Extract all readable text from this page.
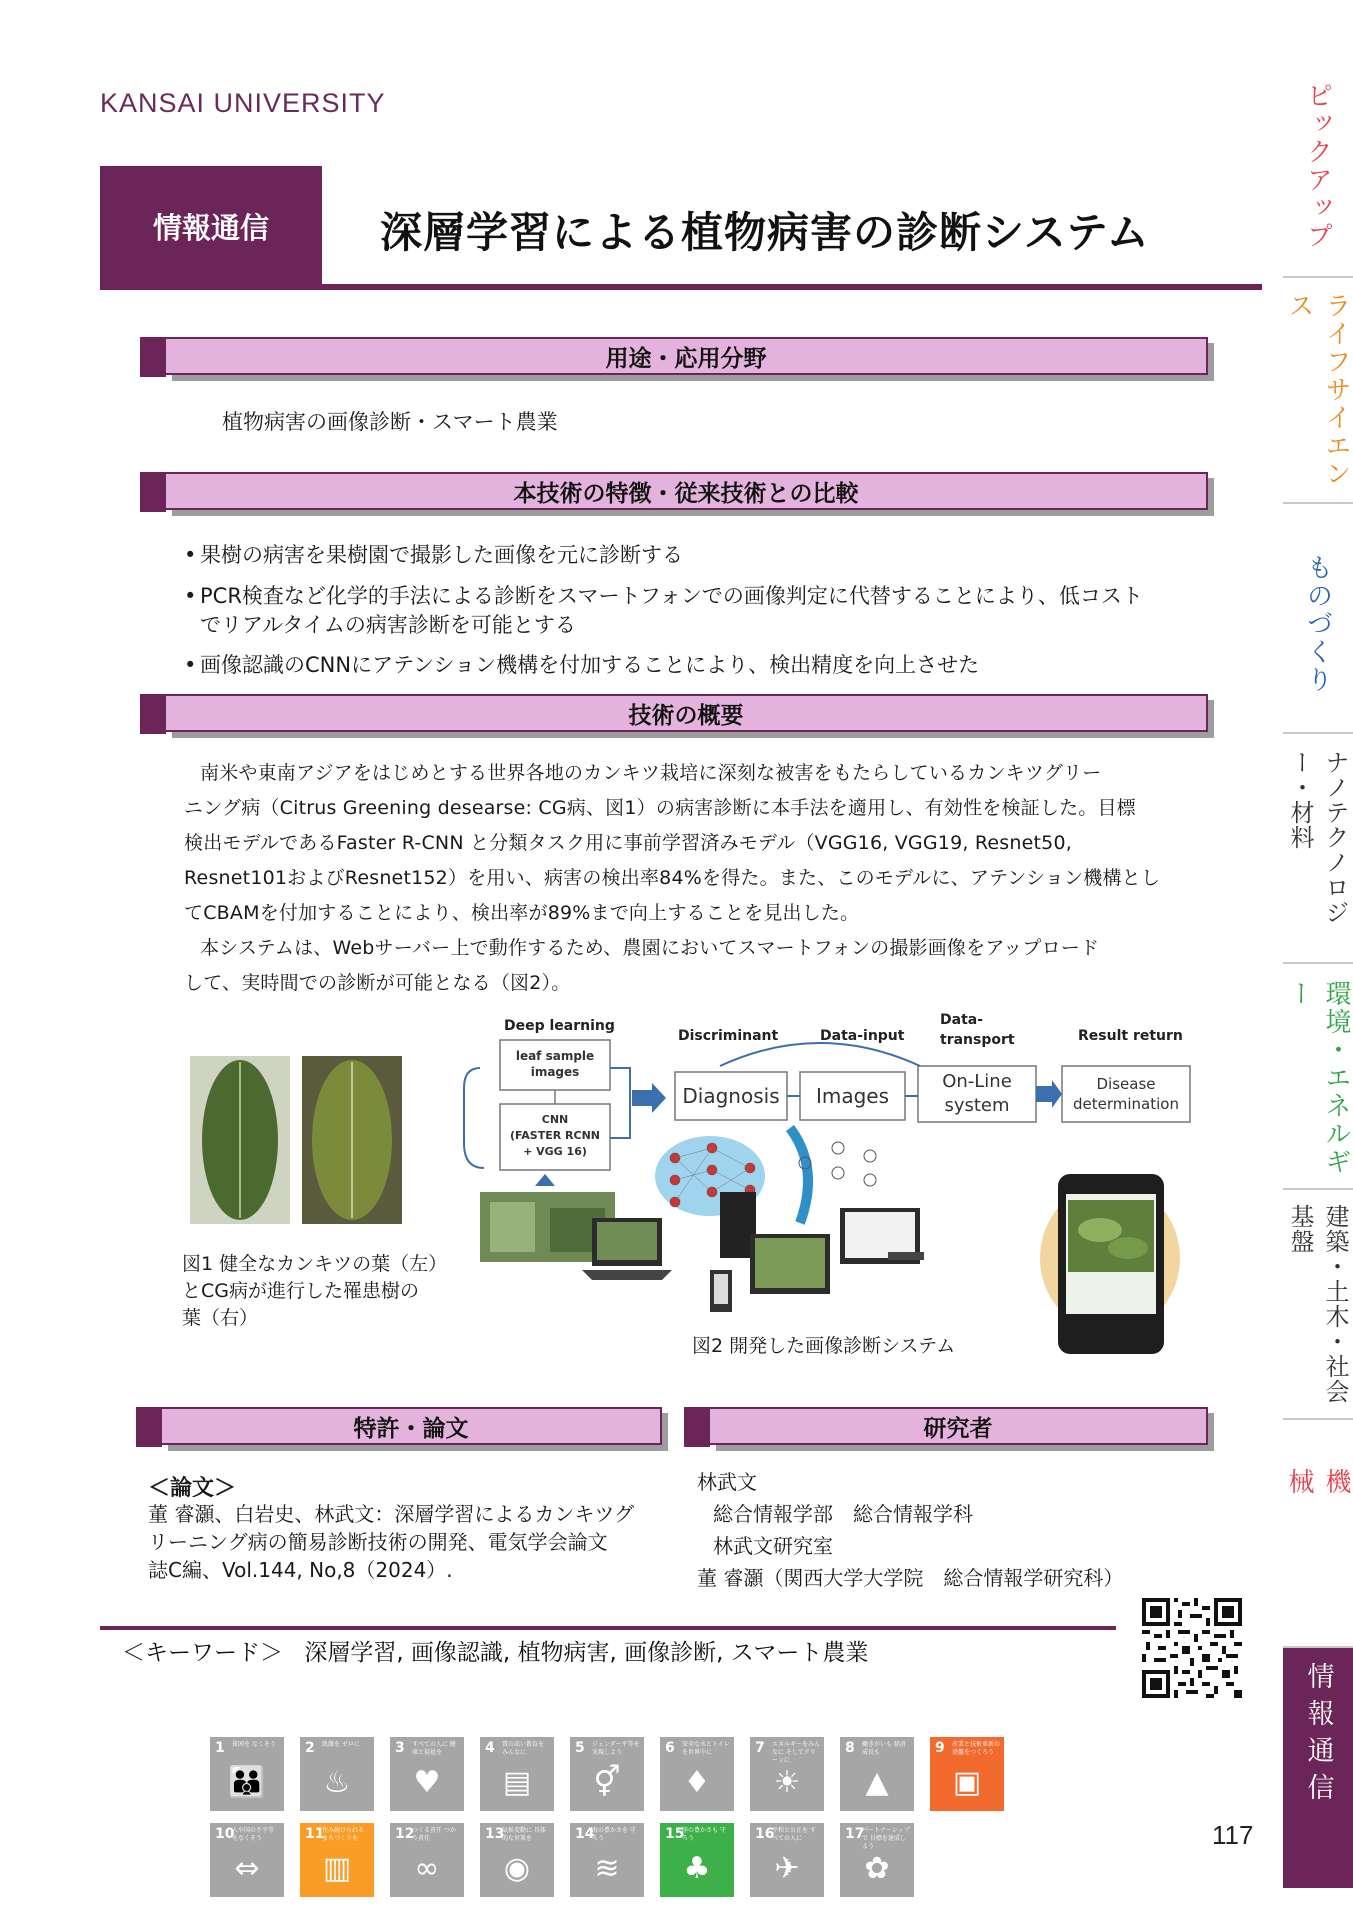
KANSAI UNIVERSITY
情報通信	深層学習による植物病害の診断システム
用途・応用分野
植物病害の画像診断・スマート農業
本技術の特徴・従来技術との比較
• 果樹の病害を果樹園で撮影した画像を元に診断する
• PCR検査など化学的手法による診断をスマートフォンでの画像判定に代替することにより、低コスト
でリアルタイムの病害診断を可能とする
• 画像認識のCNNにアテンション機構を付加することにより、検出精度を向上させた
技術の概要
南米や東南アジアをはじめとする世界各地のカンキツ栽培に深刻な被害をもたらしているカンキツグリー
ニング病（Citrus Greening desearse: CG病、図1）の病害診断に本手法を適用し、有効性を検証した。目標
検出モデルであるFaster R-CNN と分類タスク用に事前学習済みモデル（VGG16, VGG19, Resnet50,
Resnet101およびResnet152）を用い、病害の検出率84%を得た。また、このモデルに、アテンション機構とし
てCBAMを付加することにより、検出率が89%まで向上することを見出した。
本システムは、Webサーバー上で動作するため、農園においてスマートフォンの撮影画像をアップロード
して、実時間での診断が可能となる（図2）。
図1 健全なカンキツの葉（左）
とCG病が進行した罹患樹の
葉（右）
Deep learning
leaf sample
images
CNN
(FASTER RCNN
+ VGG 16)
Discriminant	Data-input
Data-
transport	Result return
Diagnosis	Images
On-Line
system
Disease
determination
図2 開発した画像診断システム
特許・論文
＜論文＞
董 睿灝、白岩史、林武文：深層学習によるカンキツグ
リーニング病の簡易診断技術の開発、電気学会論文
誌C編、Vol.144, No,8（2024）.
研究者
林武文
総合情報学部　総合情報学科
林武文研究室
董 睿灝（関西大学大学院　総合情報学研究科）
＜キーワード＞ 深層学習, 画像認識, 植物病害, 画像診断, スマート農業
1 貧困を なくそう
👪
2 飢餓を ゼロに
♨
3 すべての人に 健康と福祉を
♥
4 質の高い教育を みんなに
▤
5 ジェンダー平等を 実現しよう
⚥
6 安全な水とトイレ を世界中に
♦
7 エネルギーをみんなに そしてクリーンに
☀
8 働きがいも 経済成長も
▲
9 産業と技術革新の 基盤をつくろう
▣
10
人や国の不平等 をなくそう
⇔
11
住み続けられる まちづくりを
▥
12
つくる責任 つかう責任
∞
13
気候変動に 具体的な対策を
◉
14
海の豊かさを 守ろう
≋
15
陸の豊かさも 守ろう
♣
16
平和と公正を すべての人に
✈
17
パートナーシップで 目標を達成しよう
✿
117
ピックアップ
ライフサイエンス
ものづくり
ナノテクノロジー・材料
環境・エネルギー
建築・土木・社会基盤
機　械
情報通信
